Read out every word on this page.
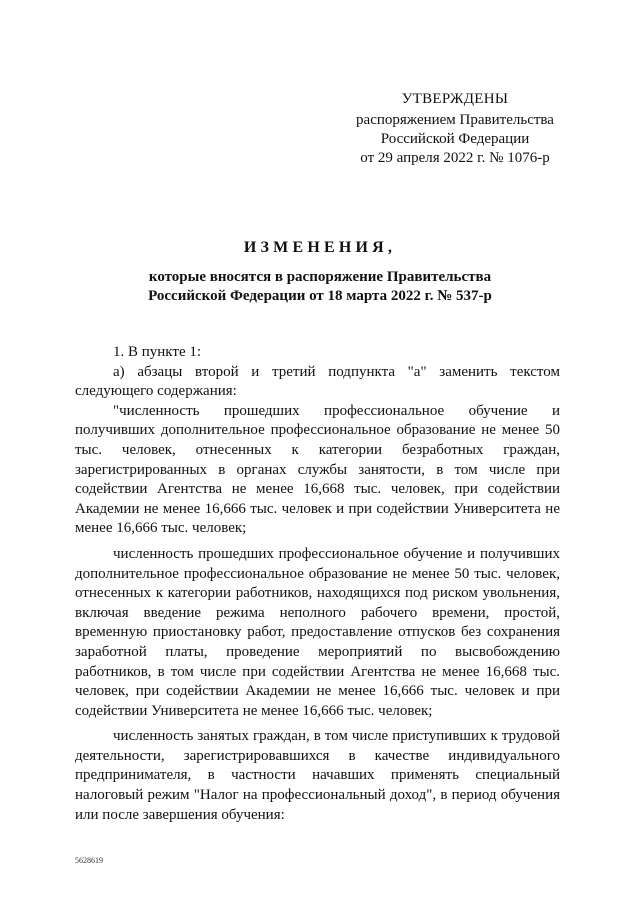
УТВЕРЖДЕНЫ
распоряжением Правительства
Российской Федерации
от 29 апреля 2022 г. № 1076-р
ИЗМЕНЕНИЯ,
которые вносятся в распоряжение Правительства
Российской Федерации от 18 марта 2022 г. № 537-р

1. В пункте 1:

а) абзацы второй и третий подпункта "а" заменить текстом следующего содержания:

"численность прошедших профессиональное обучение и получивших дополнительное профессиональное образование не менее 50 тыс. человек, отнесенных к категории безработных граждан, зарегистрированных в органах службы занятости, в том числе при содействии Агентства не менее 16,668 тыс. человек, при содействии Академии не менее 16,666 тыс. человек и при содействии Университета не менее 16,666 тыс. человек;

численность прошедших профессиональное обучение и получивших дополнительное профессиональное образование не менее 50 тыс. человек, отнесенных к категории работников, находящихся под риском увольнения, включая введение режима неполного рабочего времени, простой, временную приостановку работ, предоставление отпусков без сохранения заработной платы, проведение мероприятий по высвобождению работников, в том числе при содействии Агентства не менее 16,668 тыс. человек, при содействии Академии не менее 16,666 тыс. человек и при содействии Университета не менее 16,666 тыс. человек;

численность занятых граждан, в том числе приступивших к трудовой деятельности, зарегистрировавшихся в качестве индивидуального предпринимателя, в частности начавших применять специальный налоговый режим "Налог на профессиональный доход", в период обучения или после завершения обучения:

5628619
